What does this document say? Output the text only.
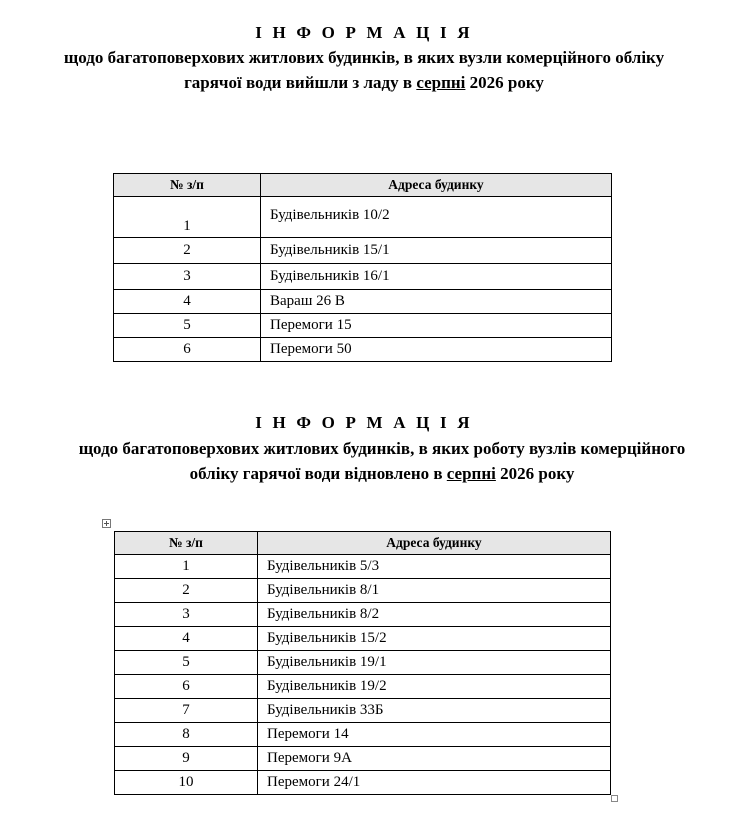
І Н Ф О Р М А Ц І Я
щодо багатоповерхових житлових будинків, в яких вузли комерційного обліку
гарячої води вийшли з ладу в серпні 2026 року
№ з/п	Адреса будинку
1	Будівельників 10/2
2	Будівельників 15/1
3	Будівельників 16/1
4	Вараш 26 В
5	Перемоги 15
6	Перемоги 50
І Н Ф О Р М А Ц І Я
щодо багатоповерхових житлових будинків, в яких роботу вузлів комерційного
обліку гарячої води відновлено в серпні 2026 року
№ з/п	Адреса будинку
1	Будівельників 5/3
2	Будівельників 8/1
3	Будівельників 8/2
4	Будівельників 15/2
5	Будівельників 19/1
6	Будівельників 19/2
7	Будівельників 33Б
8	Перемоги 14
9	Перемоги 9А
10	Перемоги 24/1
